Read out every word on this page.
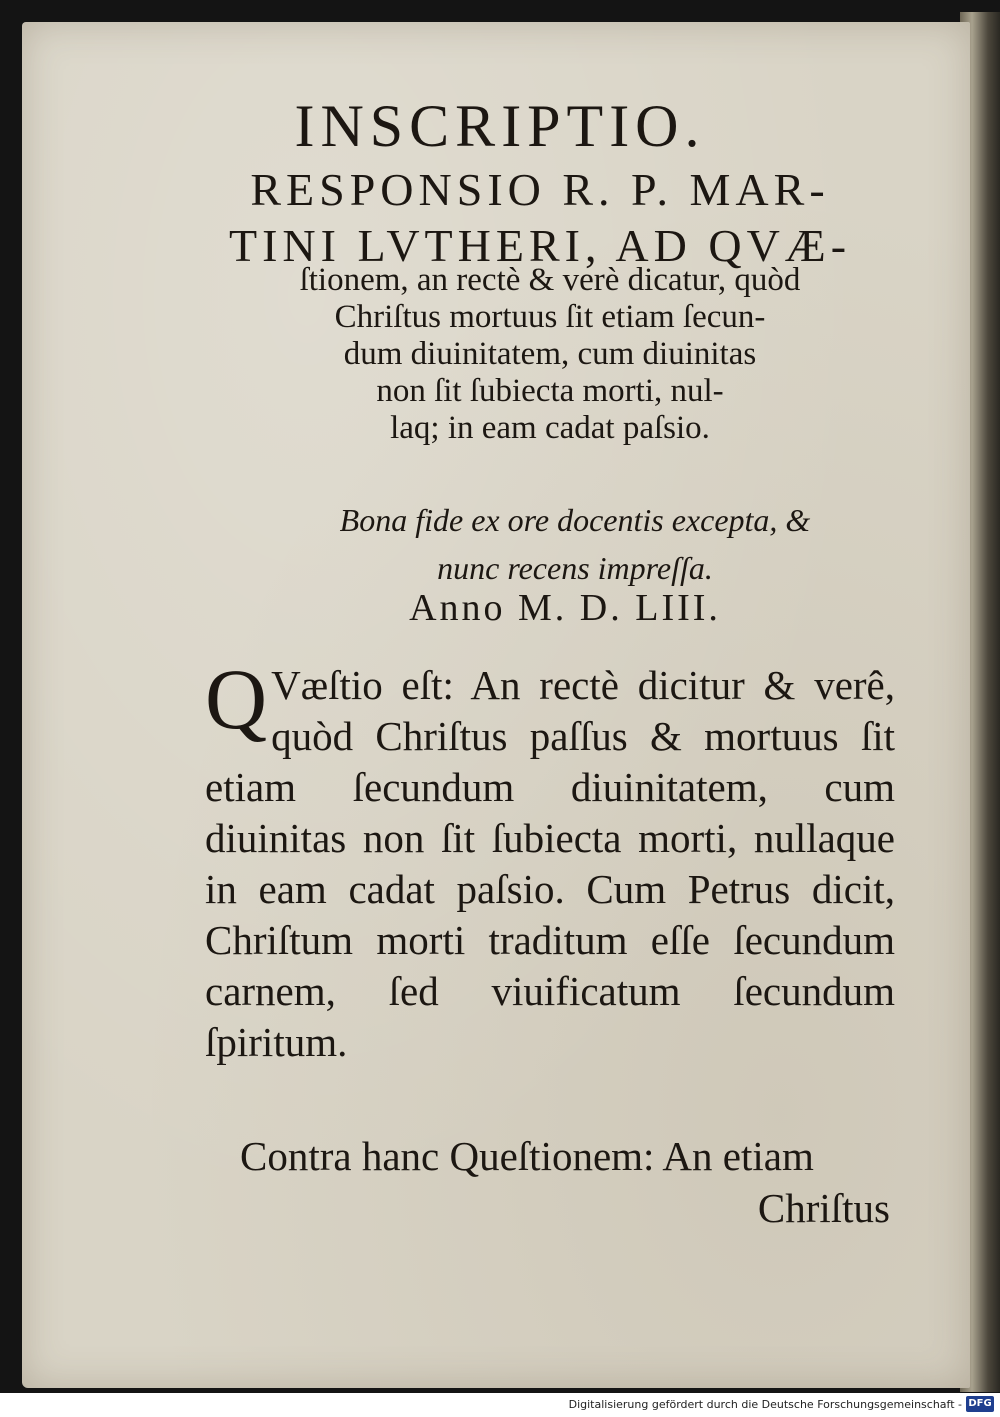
INSCRIPTIO.
RESPONSIO R. P. MAR-
TINI LVTHERI, AD QVÆ-
ſtionem, an rectè & verè dicatur, quòd
Chriſtus mortuus ſit etiam ſecun-
dum diuinitatem, cum diuinitas
non ſit ſubiecta morti, nul-
laq; in eam cadat paſsio.
Bona fide ex ore docentis excepta, &
nunc recens impreſſa.
Anno M. D. LIII.
Q Væſtio eſt: An rectè dicitur & verê, quòd Chriſtus paſſus & mortuus ſit etiam ſecundum diuinitatem, cum diuinitas non ſit ſubiecta morti, nullaque in eam cadat paſsio. Cum Petrus dicit, Chriſtum morti traditum eſſe ſecundum carnem, ſed viuificatum ſecundum ſpiritum.
Contra hanc Queſtionem: An etiam
Chriſtus
Digitalisierung gefördert durch die Deutsche Forschungsgemeinschaft - DFG
